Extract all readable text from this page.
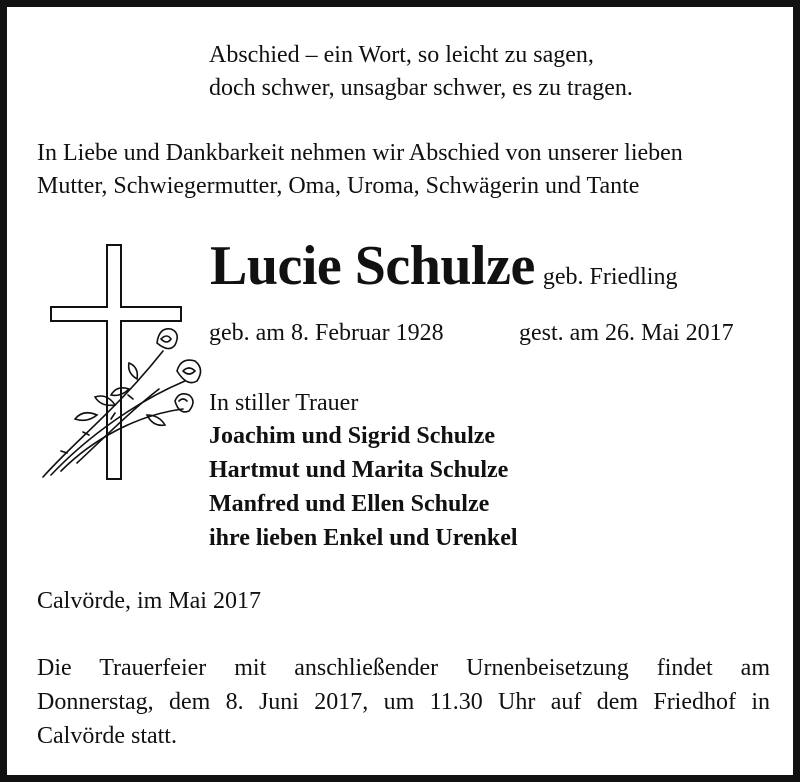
Abschied – ein Wort, so leicht zu sagen,
doch schwer, unsagbar schwer, es zu tragen.
In Liebe und Dankbarkeit nehmen wir Abschied von unserer lieben
Mutter, Schwiegermutter, Oma, Uroma, Schwägerin und Tante
Lucie Schulze geb. Friedling
geb. am 8. Februar 1928	gest. am 26. Mai 2017
In stiller Trauer
Joachim und Sigrid Schulze
Hartmut und Marita Schulze
Manfred und Ellen Schulze
ihre lieben Enkel und Urenkel
Calvörde, im Mai 2017
Die Trauerfeier mit anschließender Urnenbeisetzung findet am
Donnerstag, dem 8. Juni 2017, um 11.30 Uhr auf dem Friedhof in
Calvörde statt.
